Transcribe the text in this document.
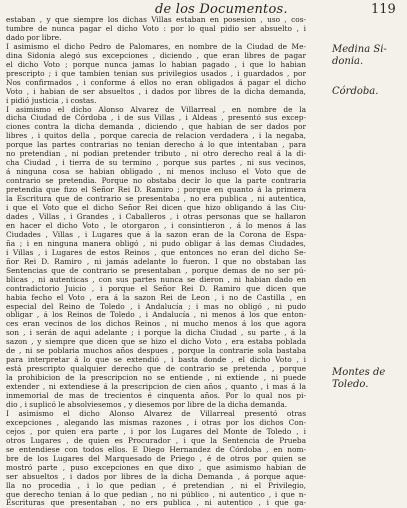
de los Documentos.	119
estaban , y que siempre los dichas Villas estaban en posesion , uso , cos-
tumbre de nunca pagar el dicho Voto : por lo qual pidio ser absuelto , i
dado por libre.
I asimismo el dicho Pedro de Palomares, en nombre de la Ciudad de Me-
dina Sidonia alegó sus excepciones , diciendo , que eran libres de pagar
el dicho Voto ; porque nunca jamas lo habian pagado , i que lo habian
prescripto ; i que tambien tenian sus privilegios usados , i guardados , por
Nos confirmados , i conforme á ellos no eran obligados á pagar el dicho
Voto , i habian de ser absueltos , i dados por libres de la dicha demanda,
i pidió justicia , i costas.
I asimismo el dicho Alonso Alvarez de Villarreal , en nombre de la
dicha Ciudad de Córdoba , i de sus Villas , i Aldeas , presentó sus excep-
ciones contra la dicha demanda , diciendo , que habian de ser dados por
libres , i quitos della , porque carecia de relacion verdadera , i la negaba,
porque las partes contrarias no tenian derecho á lo que intentaban , para
no pretendian , ni podian pretender tributo , ni otro derecho real á la di-
cha Ciudad , i tierra de su termino , porque sus partes , ni sus vecinos,
á ninguna cosa se habian obligado , ni menos incluso el Voto que de
contrario se pretendia. Porque no obstaba decir lo que la parte contraria
pretendia que fizo el Señor Rei D. Ramiro ; porque en quanto á la primera
la Escritura que de contrario se presentaba , no era publica , ni autentica,
i que el Voto que el dicho Señor Rei dicen que hizo obligando á las Ciu-
dades , Villas , i Grandes , i Caballeros , i otras personas que se hallaron
en hacer el dicho Voto , le otorgaron , i consintieron , á lo menos á las
Ciudades , Villas , i Lugares que á la sazon eran de la Corona de Espa-
ña ; i en ninguna manera obligó , ni pudo obligar á las demas Ciudades,
i Villas , i Lugares de estos Reinos , que entonces no eran del dicho Se-
ñor Rei D. Ramiro , ni jamás adelante lo fueron. I que no obstaban las
Sentencias que de contrario se presentaban , porque demas de no ser pú-
blicas , ni autenticas , con sus partes nunca se dieron , ni habian dado en
contradictorio Juicio , i porque el Señor Rei D. Ramiro que dicen que
habia fecho el Voto , era á la sazon Rei de Leon , i no de Castilla , en
especial del Reino de Toledo , i Andalucía ; i mas no obligó , ni pudo
obligar , á los Reinos de Toledo , i Andalucía , ni menos á los que enton-
ces eran vecinos de los dichos Reinos , ni mucho menos á los que agora
son , i serán de aqui adelante ; i porque la dicha Ciudad , su parte , á la
sazon , y siempre que dicen que se hizo el dicho Voto , era estaba poblada
de , ni se poblaria muchos años despues , porque la contrarie sola bastaba
para interpretar á lo que se extendió , i basta donde , el dicho Voto , i
está prescripto qualquier derecho que de contrario se pretenda , porque
la prohibicion de la prescripcion no se entiende , ni extiende , ni puede
extender , ni extendiese á la prescripcion de cien años , quanto , i mas á la
inmemorial de mas de trecientos é cinquenta años. Por lo qual nos pi-
dio , i suplicó le absolviesemos , y diesemos por libre de la dicha demanda.
I asimismo el dicho Alonso Alvarez de Villarreal presentó otras
excepciones , alegando las mismas razones , i otras por los dichos Con-
cejos , por quien era parte , i por los Lugares del Monte de Toledo , i
otros Lugares , de quien es Procurador , i que la Sentencia de Prueba
se entendiese con todos ellos. E Diego Hernandez de Córdoba , en nom-
bre de los Lugares del Marquesado de Priego , é de otros por quien se
mostró parte , puso excepciones en que dixo , que asimismo habian de
ser absueltos , i dados por libres de la dicha Demanda , á porque aque-
lla no procedia , i lo que pedian , é pretendian , ni el Privilegio,
que derecho tenian á lo que pedian , no ni público , ni autentico , i que n-
Escrituras que presentaban , no ers publica , ni autentico , i que ga-
Medina Si-
donia.
Córdoba.
Montes de
Toledo.
